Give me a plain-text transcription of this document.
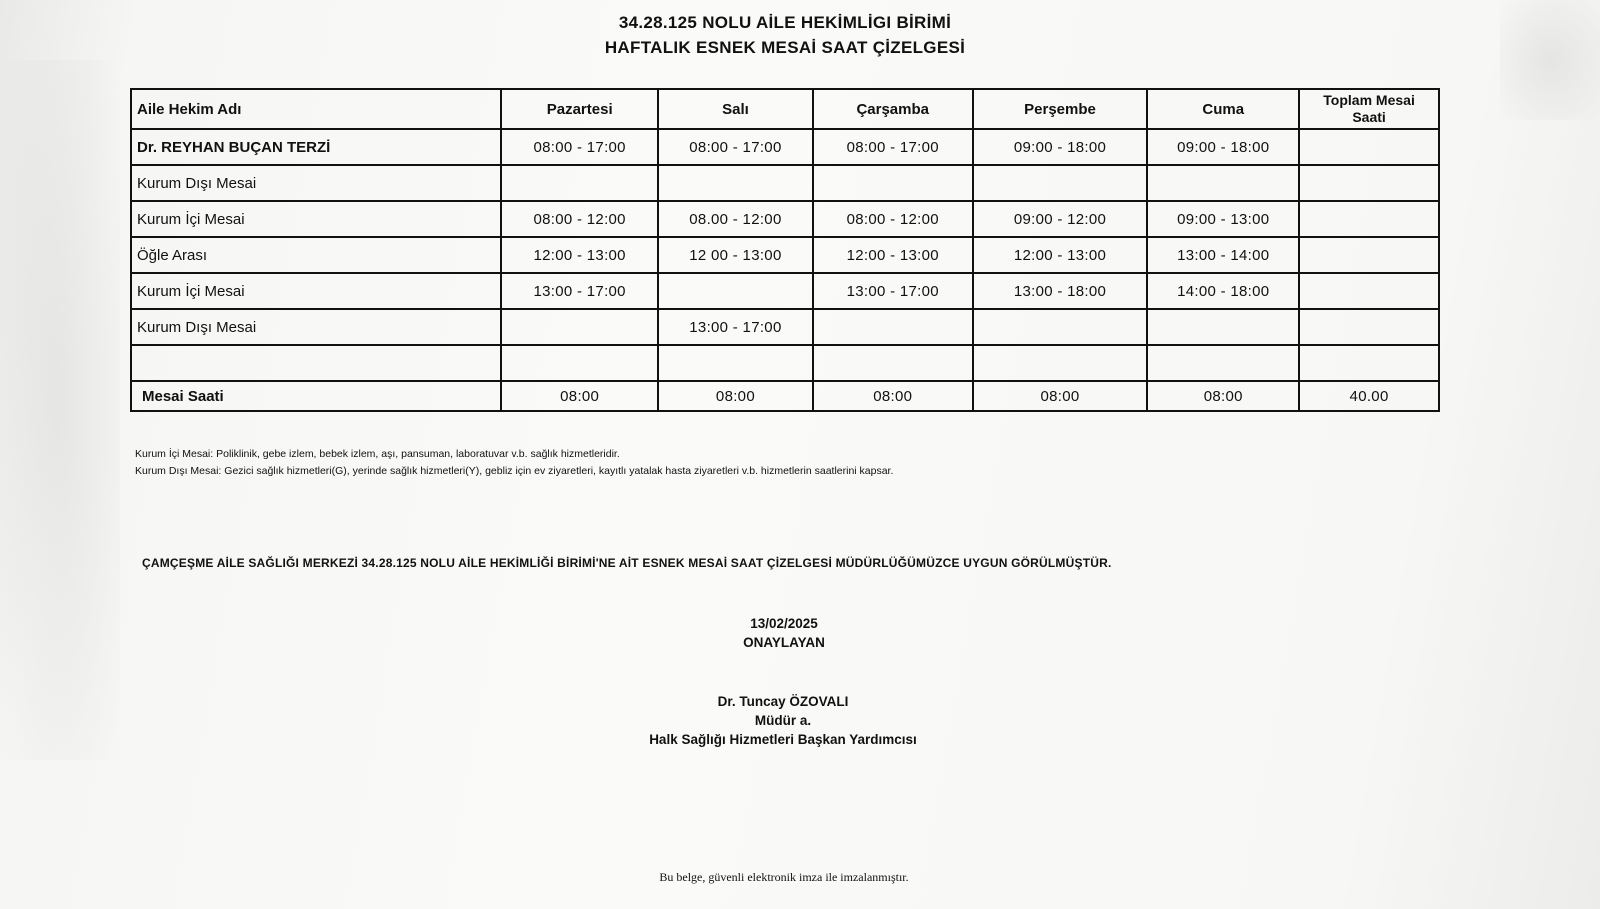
34.28.125 NOLU AİLE HEKİMLİGI BİRİMİ
HAFTALIK ESNEK MESAİ SAAT ÇİZELGESİ
Aile Hekim Adı	Pazartesi	Salı	Çarşamba	Perşembe	Cuma	Toplam Mesai Saati
Dr. REYHAN BUÇAN TERZİ	08:00 - 17:00	08:00 - 17:00	08:00 - 17:00	09:00 - 18:00	09:00 - 18:00	
Kurum Dışı Mesai						
Kurum İçi Mesai	08:00 - 12:00	08.00 - 12:00	08:00 - 12:00	09:00 - 12:00	09:00 - 13:00	
Öğle Arası	12:00 - 13:00	12 00 - 13:00	12:00 - 13:00	12:00 - 13:00	13:00 - 14:00	
Kurum İçi Mesai	13:00 - 17:00		13:00 - 17:00	13:00 - 18:00	14:00 - 18:00	
Kurum Dışı Mesai		13:00 - 17:00				

Mesai Saati	08:00	08:00	08:00	08:00	08:00	40.00
Kurum İçi Mesai: Poliklinik, gebe izlem, bebek izlem, aşı, pansuman, laboratuvar v.b. sağlık hizmetleridir.
Kurum Dışı Mesai: Gezici sağlık hizmetleri(G), yerinde sağlık hizmetleri(Y), gebliz için ev ziyaretleri, kayıtlı yatalak hasta ziyaretleri v.b. hizmetlerin saatlerini kapsar.
ÇAMÇEŞME AİLE SAĞLIĞI MERKEZİ 34.28.125 NOLU AİLE HEKİMLİĞİ BİRİMİ'NE AİT ESNEK MESAİ SAAT ÇİZELGESİ MÜDÜRLÜĞÜMÜZCE UYGUN GÖRÜLMÜŞTÜR.
13/02/2025
ONAYLAYAN
Dr. Tuncay ÖZOVALI
Müdür a.
Halk Sağlığı Hizmetleri Başkan Yardımcısı
Bu belge, güvenli elektronik imza ile imzalanmıştır.
